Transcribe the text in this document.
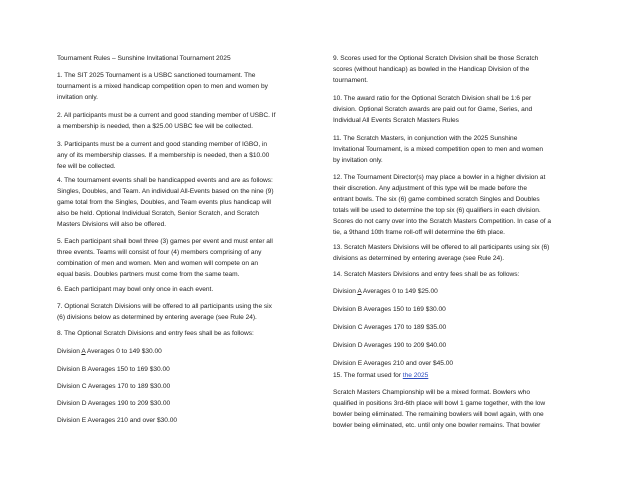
Tournament Rules – Sunshine Invitational Tournament 2025
1. The SIT 2025 Tournament is a USBC sanctioned tournament. The
tournament is a mixed handicap competition open to men and women by
invitation only.
2. All participants must be a current and good standing member of USBC. If
a membership is needed, then a $25.00 USBC fee will be collected.
3. Participants must be a current and good standing member of IGBO, in
any of its membership classes. If a membership is needed, then a $10.00
fee will be collected.
4. The tournament events shall be handicapped events and are as follows:
Singles, Doubles, and Team. An individual All-Events based on the nine (9)
game total from the Singles, Doubles, and Team events plus handicap will
also be held. Optional Individual Scratch, Senior Scratch, and Scratch
Masters Divisions will also be offered.
5. Each participant shall bowl three (3) games per event and must enter all
three events. Teams will consist of four (4) members comprising of any
combination of men and women. Men and women will compete on an
equal basis. Doubles partners must come from the same team.
6. Each participant may bowl only once in each event.
7. Optional Scratch Divisions will be offered to all participants using the six
(6) divisions below as determined by entering average (see Rule 24).
8. The Optional Scratch Divisions and entry fees shall be as follows:
Division A Averages 0 to 149 $30.00
Division B Averages 150 to 169 $30.00
Division C Averages 170 to 189 $30.00
Division D Averages 190 to 209 $30.00
Division E Averages 210 and over $30.00
9. Scores used for the Optional Scratch Division shall be those Scratch
scores (without handicap) as bowled in the Handicap Division of the
tournament.
10. The award ratio for the Optional Scratch Division shall be 1:6 per
division. Optional Scratch awards are paid out for Game, Series, and
Individual All Events Scratch Masters Rules
11. The Scratch Masters, in conjunction with the 2025 Sunshine
Invitational Tournament, is a mixed competition open to men and women
by invitation only.
12. The Tournament Director(s) may place a bowler in a higher division at
their discretion. Any adjustment of this type will be made before the
entrant bowls. The six (6) game combined scratch Singles and Doubles
totals will be used to determine the top six (6) qualifiers in each division.
Scores do not carry over into the Scratch Masters Competition. In case of a
tie, a 9thand 10th frame roll-off will determine the 6th place.
13. Scratch Masters Divisions will be offered to all participants using six (6)
divisions as determined by entering average (see Rule 24).
14. Scratch Masters Divisions and entry fees shall be as follows:
Division A Averages 0 to 149 $25.00
Division B Averages 150 to 169 $30.00
Division C Averages 170 to 189 $35.00
Division D Averages 190 to 209 $40.00
Division E Averages 210 and over $45.00
15. The format used for the 2025
Scratch Masters Championship will be a mixed format. Bowlers who
qualified in positions 3rd-6th place will bowl 1 game together, with the low
bowler being eliminated. The remaining bowlers will bowl again, with one
bowler being eliminated, etc. until only one bowler remains. That bowler
